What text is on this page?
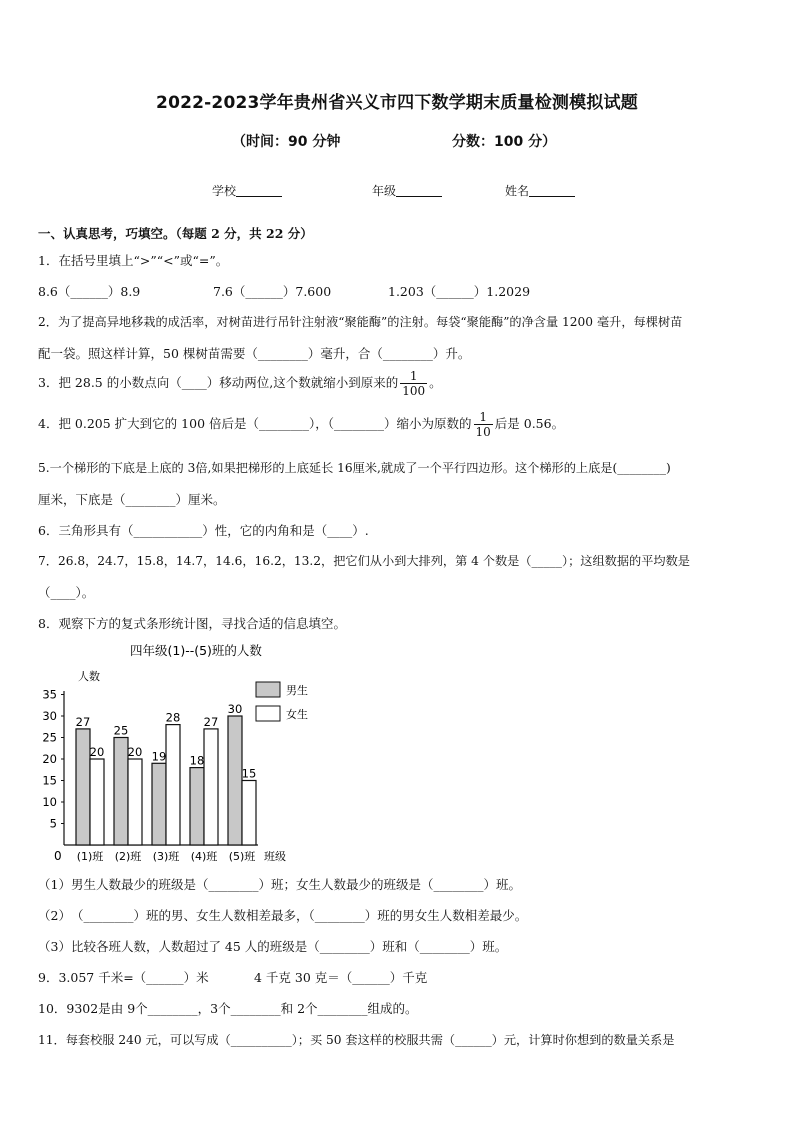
2022-2023学年贵州省兴义市四下数学期末质量检测模拟试题
（时间：90 分钟	分数：100 分）
学校	年级	姓名
一、认真思考，巧填空。（每题 2 分，共 22 分）
1．在括号里填上“>”“<”或“=”。
8.6（______）8.9	7.6（______）7.600	1.203（______）1.2029
2．为了提高异地移栽的成活率，对树苗进行吊针注射液“聚能酶”的注射。每袋“聚能酶”的净含量 1200 毫升，每棵树苗
配一袋。照这样计算，50 棵树苗需要（________）毫升，合（________）升。
3．把 28.5 的小数点向（____）移动两位,这个数就缩小到原来的 $\frac{1}{100}$ 。
4．把 0.205 扩大到它的 100 倍后是（________），（________）缩小为原数的 $\frac{1}{10}$ 后是 0.56。
5.一个梯形的下底是上底的 3倍,如果把梯形的上底延长 16厘米,就成了一个平行四边形。这个梯形的上底是(________)
厘米，下底是（________）厘米。
6．三角形具有（___________）性，它的内角和是（____）.
7．26.8，24.7，15.8，14.7，14.6，16.2，13.2，把它们从小到大排列，第 4 个数是（_____）；这组数据的平均数是
（____）。
8．观察下方的复式条形统计图，寻找合适的信息填空。
四年级(1)--(5)班的人数
人数
5
10
15
20
25
30
35
27
20
25
20 19
28
18
27
30
15
(1)班 (2)班 (3)班 (4)班 (5)班
0	班级
男生
女生
（1）男生人数最少的班级是（________）班；女生人数最少的班级是（________）班。
（2）　（________）班的男、女生人数相差最多，（________）班的男女生人数相差最少。
（3）比较各班人数，人数超过了 45 人的班级是（________）班和（________）班。
9．3.057 千米=（______）米	4 千克 30 克＝（______）千克
10．9302是由 9个________，3个________和 2个________组成的。
11．每套校服 240 元，可以写成（__________）；买 50 套这样的校服共需（______）元，计算时你想到的数量关系是
